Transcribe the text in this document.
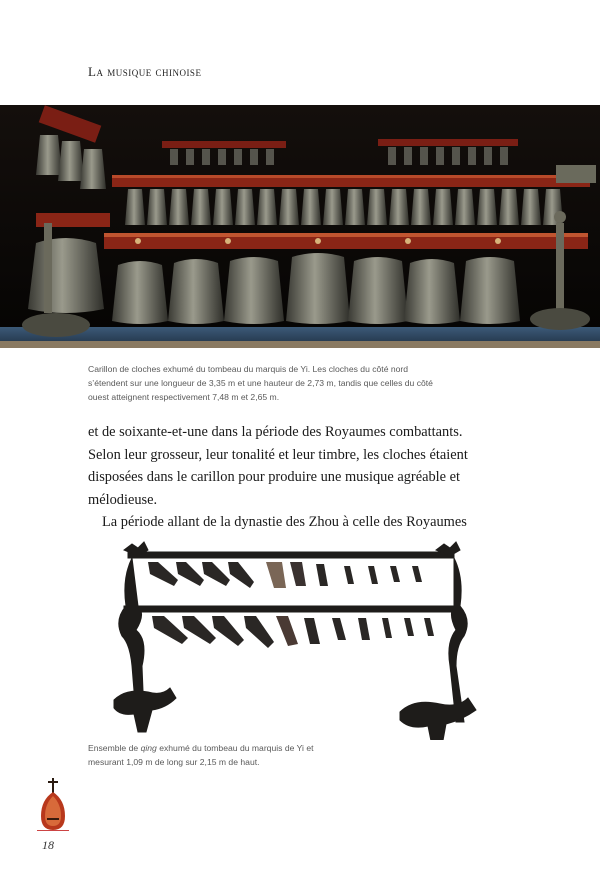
La musique chinoise
Carillon de cloches exhumé du tombeau du marquis de Yi. Les cloches du côté nord
s’étendent sur une longueur de 3,35 m et une hauteur de 2,73 m, tandis que celles du côté
ouest atteignent respectivement 7,48 m et 2,65 m.

et de soixante-et-une dans la période des Royaumes combattants. Selon leur grosseur, leur tonalité et leur timbre, les cloches étaient disposées dans le carillon pour produire une musique agréable et mélodieuse.

La période allant de la dynastie des Zhou à celle des Royaumes

Ensemble de qing exhumé du tombeau du marquis de Yi et
mesurant 1,09 m de long sur 2,15 m de haut.
18
